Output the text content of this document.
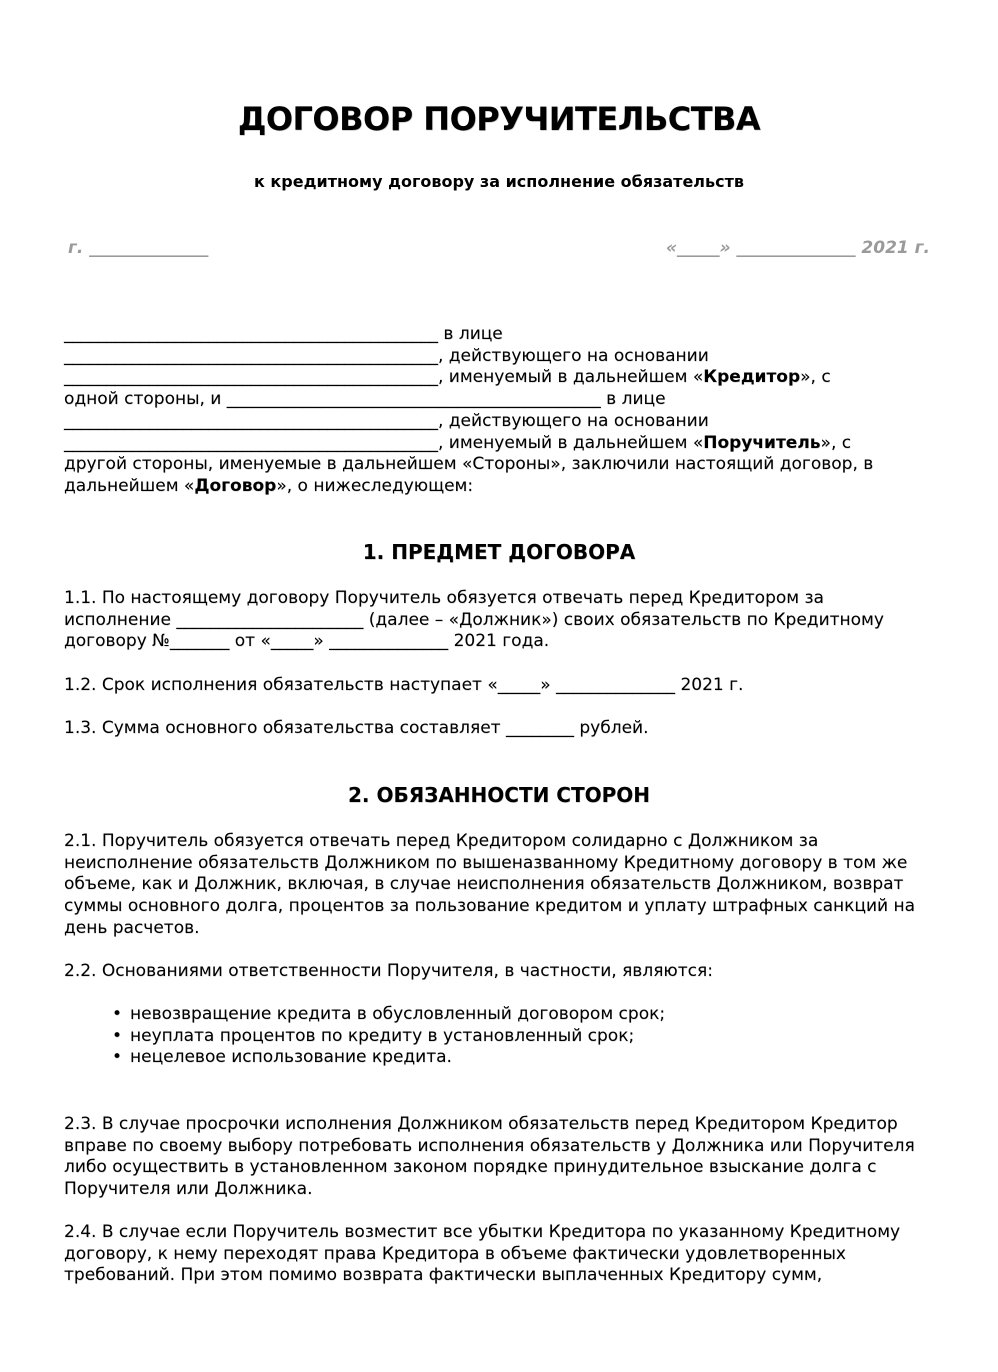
ДОГОВОР ПОРУЧИТЕЛЬСТВА

к кредитному договору за исполнение обязательств

г. ______________	«_____» ______________ 2021 г.
____________________________________________ в лице
____________________________________________, действующего на основании
____________________________________________, именуемый в дальнейшем «Кредитор», с
одной стороны, и ____________________________________________ в лице
____________________________________________, действующего на основании
____________________________________________, именуемый в дальнейшем «Поручитель», с
другой стороны, именуемые в дальнейшем «Стороны», заключили настоящий договор, в
дальнейшем «Договор», о нижеследующем:
1. ПРЕДМЕТ ДОГОВОРА
1.1. По настоящему договору Поручитель обязуется отвечать перед Кредитором за
исполнение ______________________ (далее – «Должник») своих обязательств по Кредитному
договору №_______ от «_____» ______________ 2021 года.
1.2. Срок исполнения обязательств наступает «_____» ______________ 2021 г.
1.3. Сумма основного обязательства составляет ________ рублей.
2. ОБЯЗАННОСТИ СТОРОН
2.1. Поручитель обязуется отвечать перед Кредитором солидарно с Должником за
неисполнение обязательств Должником по вышеназванному Кредитному договору в том же
объеме, как и Должник, включая, в случае неисполнения обязательств Должником, возврат
суммы основного долга, процентов за пользование кредитом и уплату штрафных санкций на
день расчетов.
2.2. Основаниями ответственности Поручителя, в частности, являются:
• невозвращение кредита в обусловленный договором срок;
• неуплата процентов по кредиту в установленный срок;
• нецелевое использование кредита.
2.3. В случае просрочки исполнения Должником обязательств перед Кредитором Кредитор
вправе по своему выбору потребовать исполнения обязательств у Должника или Поручителя
либо осуществить в установленном законом порядке принудительное взыскание долга с
Поручителя или Должника.
2.4. В случае если Поручитель возместит все убытки Кредитора по указанному Кредитному
договору, к нему переходят права Кредитора в объеме фактически удовлетворенных
требований. При этом помимо возврата фактически выплаченных Кредитору сумм,
